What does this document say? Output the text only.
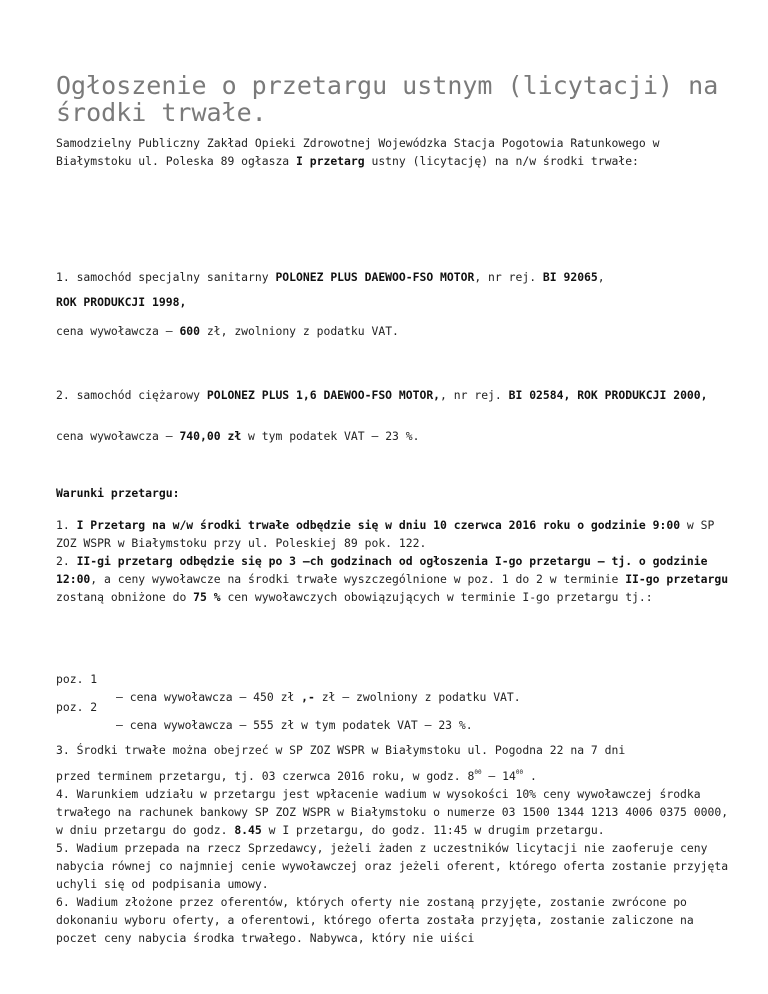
Ogłoszenie o przetargu ustnym (licytacji) na środki trwałe.
Samodzielny Publiczny Zakład Opieki Zdrowotnej Wojewódzka Stacja Pogotowia Ratunkowego w Białymstoku ul. Poleska 89 ogłasza I przetarg ustny (licytację) na n/w środki trwałe:
1. samochód specjalny sanitarny POLONEZ PLUS DAEWOO-FSO MOTOR, nr rej. BI 92065,
ROK PRODUKCJI 1998,
cena wywoławcza – 600 zł, zwolniony z podatku VAT.
2. samochód ciężarowy POLONEZ PLUS 1,6 DAEWOO-FSO MOTOR,, nr rej. BI 02584, ROK PRODUKCJI 2000,
cena wywoławcza – 740,00 zł w tym podatek VAT – 23 %.
Warunki przetargu:
1. I Przetarg na w/w środki trwałe odbędzie się w dniu 10 czerwca 2016 roku o godzinie 9:00 w SP ZOZ WSPR w Białymstoku przy ul. Poleskiej 89 pok. 122.
2. II-gi przetarg odbędzie się po 3 –ch godzinach od ogłoszenia I-go przetargu – tj. o godzinie 12:00, a ceny wywoławcze na środki trwałe wyszczególnione w poz. 1 do 2 w terminie II-go przetargu zostaną obniżone do 75 % cen wywoławczych obowiązujących w terminie I-go przetargu tj.:

poz. 1

– cena wywoławcza – 450 zł ,- zł – zwolniony z podatku VAT.

poz. 2

– cena wywoławcza – 555 zł w tym podatek VAT – 23 %.

3. Środki trwałe można obejrzeć w SP ZOZ WSPR w Białymstoku ul. Pogodna 22 na 7 dni
przed terminem przetargu, tj. 03 czerwca 2016 roku, w godz. $8^{00} - 14^{00}$ .
4. Warunkiem udziału w przetargu jest wpłacenie wadium w wysokości 10% ceny wywoławczej środka trwałego na rachunek bankowy SP ZOZ WSPR w Białymstoku o numerze 03 1500 1344 1213 4006 0375 0000, w dniu przetargu do godz. 8.45 w I przetargu, do godz. 11:45 w drugim przetargu.
5. Wadium przepada na rzecz Sprzedawcy, jeżeli żaden z uczestników licytacji nie zaoferuje ceny nabycia równej co najmniej cenie wywoławczej oraz jeżeli oferent, którego oferta zostanie przyjęta uchyli się od podpisania umowy.
6. Wadium złożone przez oferentów, których oferty nie zostaną przyjęte, zostanie zwrócone po dokonaniu wyboru oferty, a oferentowi, którego oferta została przyjęta, zostanie zaliczone na poczet ceny nabycia środka trwałego. Nabywca, który nie uiści
